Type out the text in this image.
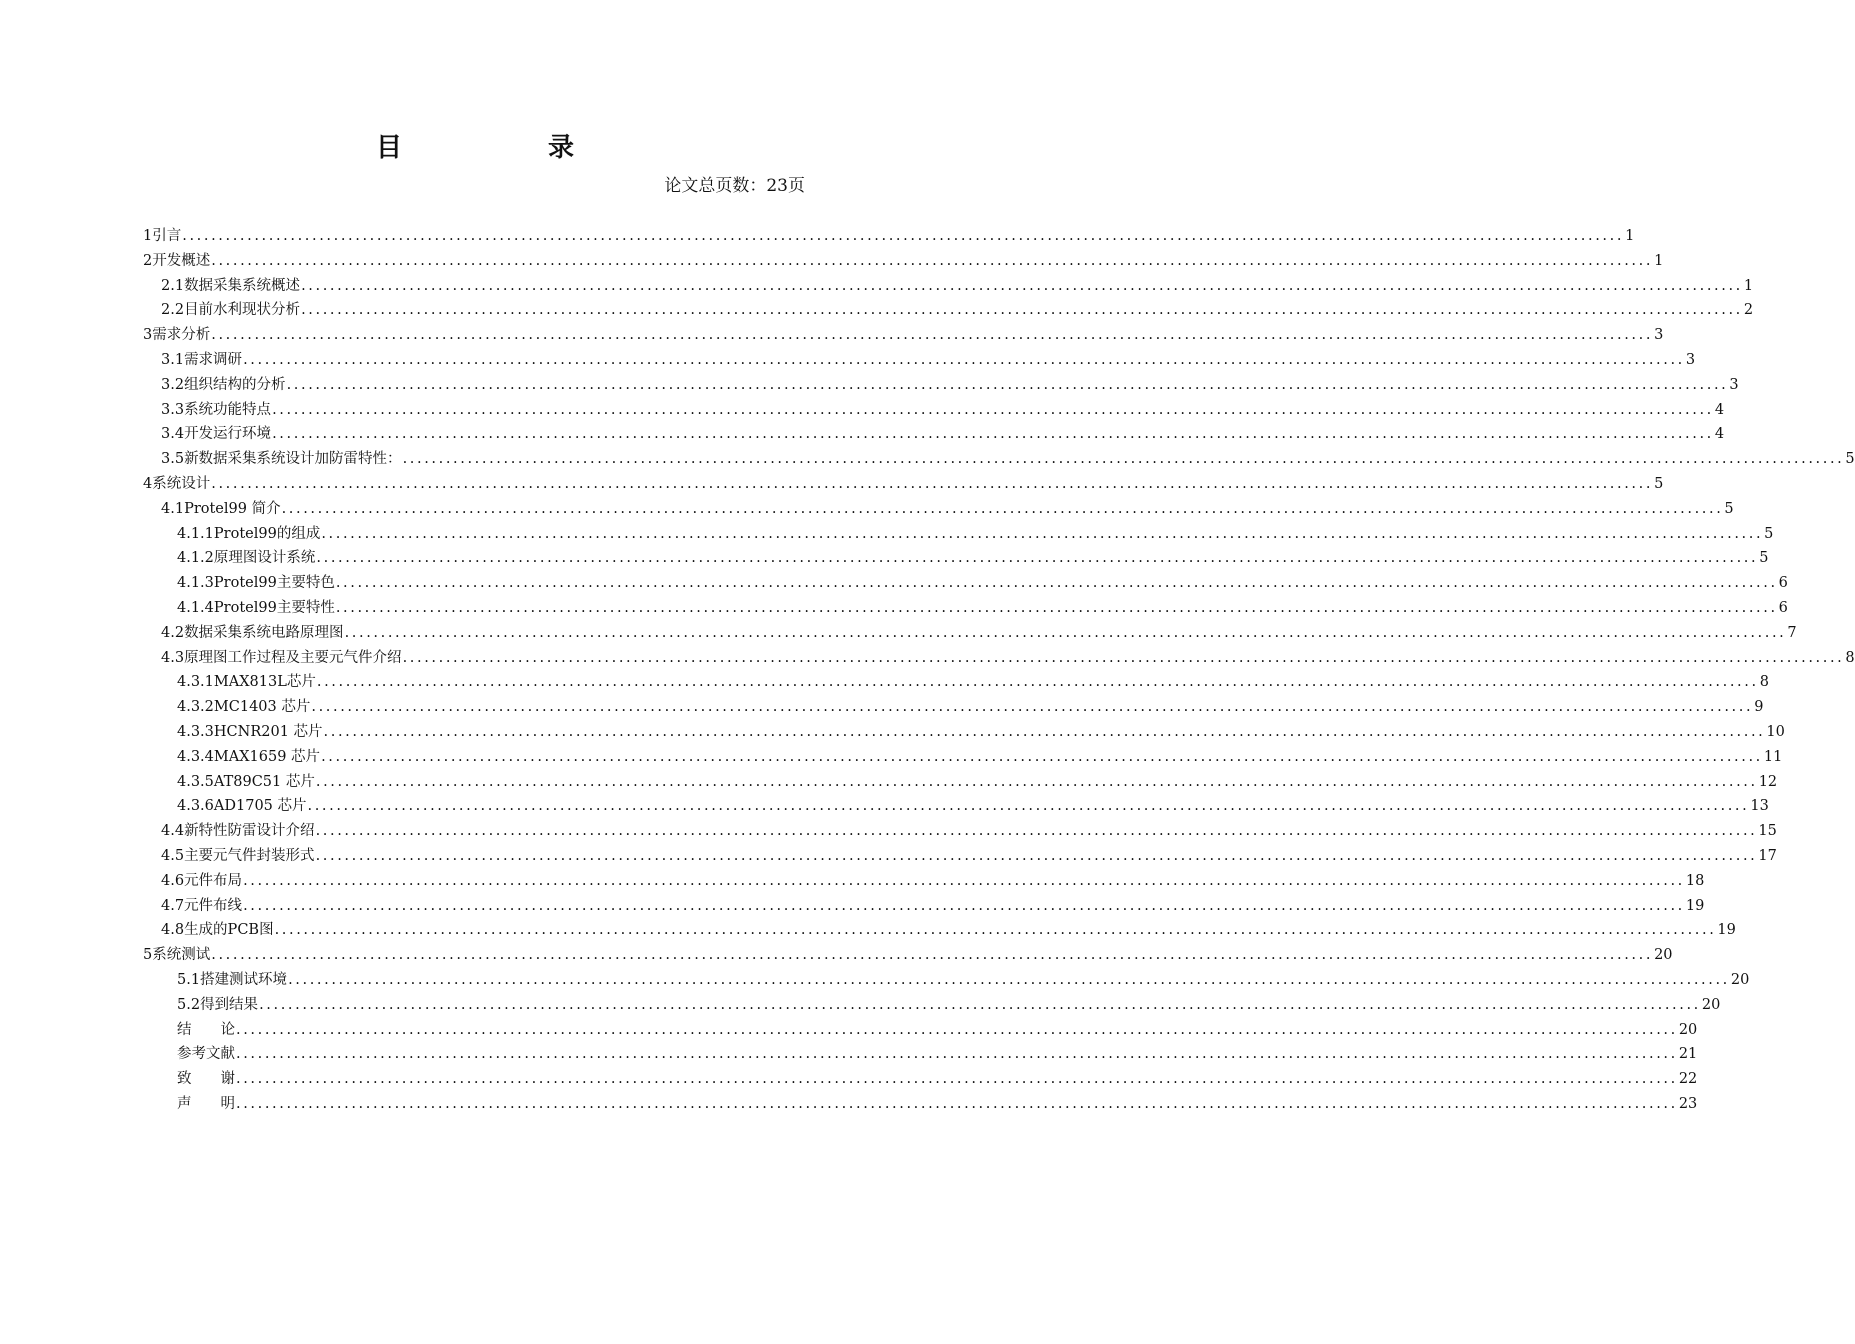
目　录
论文总页数：23页
1 引言 ........................................................................................................................................................................................................ 1
2 开发概述 ........................................................................................................................................................................................................ 1
2.1 数据采集系统概述 ........................................................................................................................................................................................................ 1
2.2 目前水利现状分析 ........................................................................................................................................................................................................ 2
3 需求分析 ........................................................................................................................................................................................................ 3
3.1 需求调研 ........................................................................................................................................................................................................ 3
3.2 组织结构的分析 ........................................................................................................................................................................................................ 3
3.3 系统功能特点 ........................................................................................................................................................................................................ 4
3.4 开发运行环境 ........................................................................................................................................................................................................ 4
3.5 新数据采集系统设计加防雷特性： ........................................................................................................................................................................................................ 5
4 系统设计 ........................................................................................................................................................................................................ 5
4.1 Protel99 简介 ........................................................................................................................................................................................................ 5
4.1.1 Protel99的组成 ........................................................................................................................................................................................................ 5
4.1.2 原理图设计系统 ........................................................................................................................................................................................................ 5
4.1.3 Protel99主要特色 ........................................................................................................................................................................................................ 6
4.1.4 Protel99主要特性 ........................................................................................................................................................................................................ 6
4.2 数据采集系统电路原理图 ........................................................................................................................................................................................................ 7
4.3 原理图工作过程及主要元气件介绍 ........................................................................................................................................................................................................ 8
4.3.1 MAX813L芯片 ........................................................................................................................................................................................................ 8
4.3.2 MC1403 芯片 ........................................................................................................................................................................................................ 9
4.3.3 HCNR201 芯片 ........................................................................................................................................................................................................ 10
4.3.4 MAX1659 芯片 ........................................................................................................................................................................................................ 11
4.3.5 AT89C51 芯片 ........................................................................................................................................................................................................ 12
4.3.6 AD1705 芯片 ........................................................................................................................................................................................................ 13
4.4 新特性防雷设计介绍 ........................................................................................................................................................................................................ 15
4.5 主要元气件封装形式 ........................................................................................................................................................................................................ 17
4.6 元件布局 ........................................................................................................................................................................................................ 18
4.7 元件布线 ........................................................................................................................................................................................................ 19
4.8 生成的PCB图 ........................................................................................................................................................................................................ 19
5 系统测试 ........................................................................................................................................................................................................ 20
5.1 搭建测试环境 ........................................................................................................................................................................................................ 20
5.2 得到结果 ........................................................................................................................................................................................................ 20
结　　论 ........................................................................................................................................................................................................ 20
参考文献 ........................................................................................................................................................................................................ 21
致　　谢 ........................................................................................................................................................................................................ 22
声　　明 ........................................................................................................................................................................................................ 23
